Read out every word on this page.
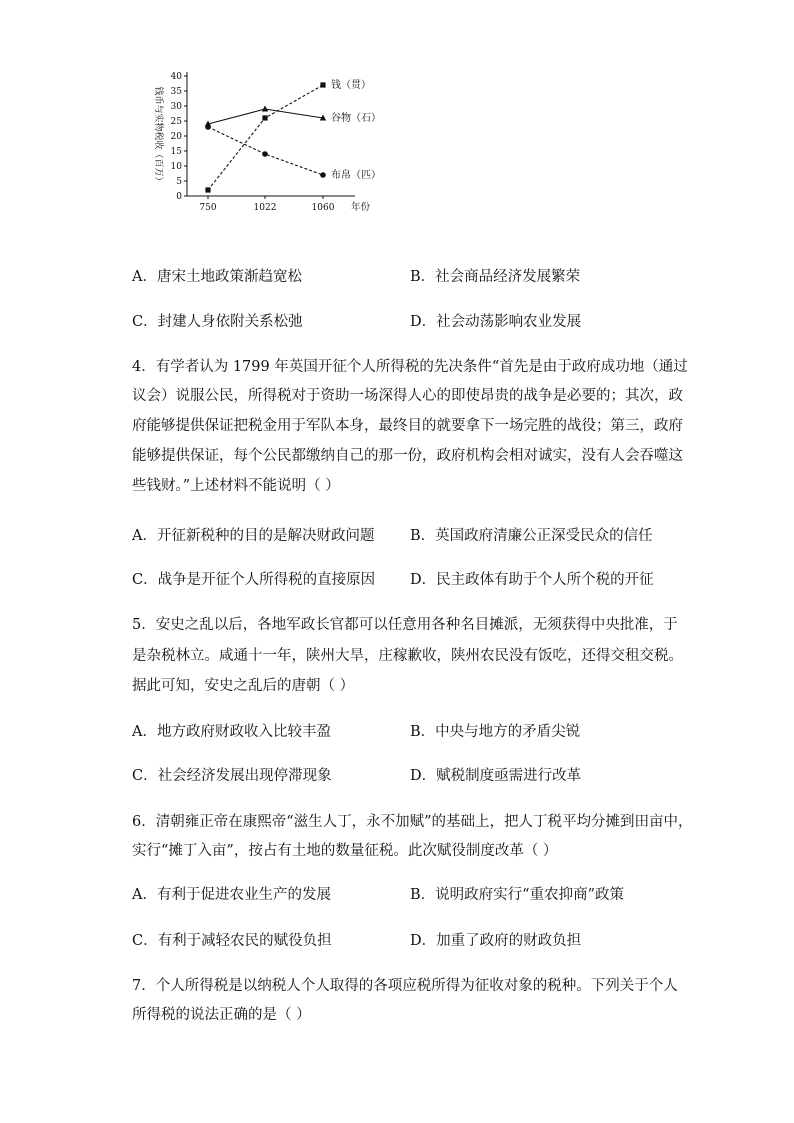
0
5
10
15
20
25
30
35
40
750	1022	1060 年份
钱币与实物税收（百万）
钱（贯）
谷物（石）
布帛（匹）
A．唐宋土地政策渐趋宽松	B．社会商品经济发展繁荣
C．封建人身依附关系松弛	D．社会动荡影响农业发展
4．有学者认为 1799 年英国开征个人所得税的先决条件“首先是由于政府成功地（通过
议会）说服公民，所得税对于资助一场深得人心的即使昂贵的战争是必要的；其次，政
府能够提供保证把税金用于军队本身，最终目的就要拿下一场完胜的战役；第三，政府
能够提供保证，每个公民都缴纳自己的那一份，政府机构会相对诚实，没有人会吞噬这
些钱财。”上述材料不能说明（ ）
A．开征新税种的目的是解决财政问题 B．英国政府清廉公正深受民众的信任
C．战争是开征个人所得税的直接原因 D．民主政体有助于个人所个税的开征
5．安史之乱以后，各地军政长官都可以任意用各种名目摊派，无须获得中央批准，于
是杂税林立。咸通十一年，陕州大旱，庄稼歉收，陕州农民没有饭吃，还得交租交税。
据此可知，安史之乱后的唐朝（ ）
A．地方政府财政收入比较丰盈	B．中央与地方的矛盾尖锐
C．社会经济发展出现停滞现象	D．赋税制度亟需进行改革
6．清朝雍正帝在康熙帝“滋生人丁，永不加赋”的基础上，把人丁税平均分摊到田亩中，
实行“摊丁入亩”，按占有土地的数量征税。此次赋役制度改革（ ）
A．有利于促进农业生产的发展	B．说明政府实行“重农抑商”政策
C．有利于减轻农民的赋役负担	D．加重了政府的财政负担
7．个人所得税是以纳税人个人取得的各项应税所得为征收对象的税种。下列关于个人
所得税的说法正确的是（ ）
